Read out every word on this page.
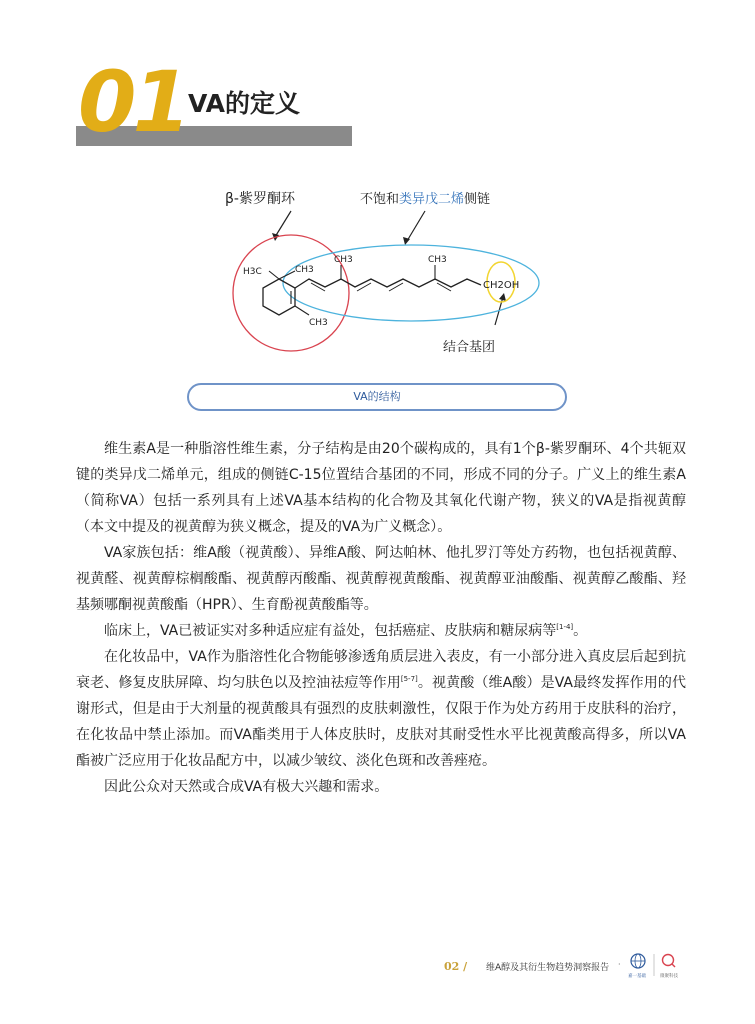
01 VA的定义
β-紫罗酮环	不饱和类异戊二烯侧链
结合基团
H3C	CH3
CH3
CH3	CH3
CH2OH
VA的结构

维生素A是一种脂溶性维生素，分子结构是由20个碳构成的，具有1个β-紫罗酮环、4个共轭双键的类异戊二烯单元，组成的侧链C-15位置结合基团的不同，形成不同的分子。广义上的维生素A（简称VA）包括一系列具有上述VA基本结构的化合物及其氧化代谢产物，狭义的VA是指视黄醇（本文中提及的视黄醇为狭义概念，提及的VA为广义概念）。

VA家族包括：维A酸（视黄酸）、异维A酸、阿达帕林、他扎罗汀等处方药物，也包括视黄醇、视黄醛、视黄醇棕榈酸酯、视黄醇丙酸酯、视黄醇视黄酸酯、视黄醇亚油酸酯、视黄醇乙酸酯、羟基频哪酮视黄酸酯（HPR）、生育酚视黄酸酯等。

临床上，VA已被证实对多种适应症有益处，包括癌症、皮肤病和糖尿病等[1-4]。

在化妆品中，VA作为脂溶性化合物能够渗透角质层进入表皮，有一小部分进入真皮层后起到抗衰老、修复皮肤屏障、均匀肤色以及控油祛痘等作用[5-7]。视黄酸（维A酸）是VA最终发挥作用的代谢形式，但是由于大剂量的视黄酸具有强烈的皮肤刺激性，仅限于作为处方药用于皮肤科的治疗，在化妆品中禁止添加。而VA酯类用于人体皮肤时，皮肤对其耐受性水平比视黄酸高得多，所以VA酯被广泛应用于化妆品配方中，以减少皱纹、淡化色斑和改善痤疮。

因此公众对天然或合成VA有极大兴趣和需求。

02 / 维A醇及其衍生物趋势洞察报告 ·
嘉一基础	微聚科技
